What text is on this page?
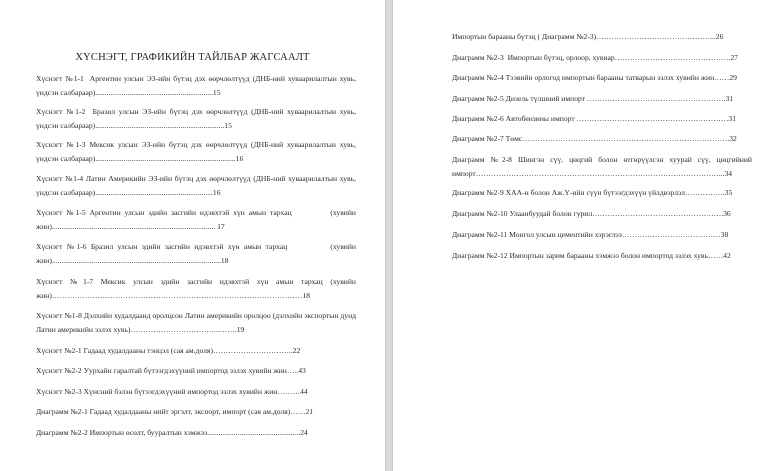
ХҮСНЭГТ, ГРАФИКИЙН ТАЙЛБАР ЖАГСААЛТ
Хүснэгт №1-1  Аргентин улсын ЭЗ-ийн бүтэц дэх өөрчлөлтүүд (ДНБ-ний хуваарилалтын хувь, үндсэн салбараар)..............................................................15
Хүснэгт №1-2  Бразил улсын ЭЗ-ийн бүтэц дэх өөрчлөлтүүд (ДНБ-ний хуваарилалтын хувь, үндсэн салбараар)....................................................................15
Хүснэгт №1-3 Мексик улсын ЭЗ-ийн бүтэц дэх өөрчлөлтүүд (ДНБ-ний хуваарилалтын хувь, үндсэн салбараар)..........................................................................16
Хүснэгт №1-4 Латин Америкийн ЭЗ-ийн бүтэц дэх өөрчлөлтүүд (ДНБ-ний хуваарилалтын хувь, үндсэн салбараар)..............................................................16
Хүснэгт №1-5 Аргентин улсын эдийн засгийн идэвхтэй хүн амын тархац          (хувийн жин)...................................................................................... 17
Хүснэгт №1-6 Бразил улсын эдийн засгийн идэвхтэй хүн амын тархац          (хувийн жин).........................................................................................18
Хүснэгт №1-7 Мексик улсын эдийн засгийн идэвхтэй хүн амын тархац (хувийн жин)………………………………………………………………………………………18
Хүснэгт №1-8 Дэлхийн худалдаанд оролцсон Латин америкийн оролцоо (дэлхийн экспортын дунд Латин америкийн эзлэх хувь)……………………………...…….19
Хүснэгт №2-1 Гадаад худалдааны тэнцэл (сая ам.доля)…………………………..22
Хүснэгт №2-2 Уурхайн гаралтай бүтээгдэхүүний импортод эзлэх хувийн жин…..43
Хүснэгт №2-3 Хүнсний бэлэн бүтээгдэхүүний импортод эзлэх хувийн жин………44
Диаграмм №2-1 Гадаад худалдааны нийт эргэлт, экспорт, импорт (сая ам.доля)……21
Диаграмм №2-2 Импортын өсөлт, бууралтын хэмжээ.................................................24
Импортын барааны бүтэц ( Диаграмм №2-3)………………………………………...26
Диаграмм №2-3  Импортын бүтэц, орлоор, хувиар……………………………………….27
Диаграмм №2-4 Тээвийн орлогод импортын барааны татварын эзлэх хувийн жин……29
Диаграмм №2-5 Дизель түлшний импорт ……………………………………………….31
Диаграмм №2-6 Автобензины импорт ……………………………………………………31
Диаграмм №2-7 Төмс……………………………………………………………………….32
Диаграмм №2-8 Шингэн сүү, цөцгий болон өтгөрүүлсэн хуурай сүү, цөцгийний импорт……………………………………………………………………………………...34
Диаграмм №2-9 ХАА-н болон Аж.Ү-ийн сүүн бүтээгдэхүүн үйлдвэрлэл…………….35
Диаграмм №2-10 Улаанбуудай болон гурил…………………………………………….36
Диаграмм №2-11 Монгол улсын цементийн хэрэглээ…………………………………38
Диаграмм №2-12 Импортын зарим барааны хэмжээ болон импортод эзлэх хувь……42
